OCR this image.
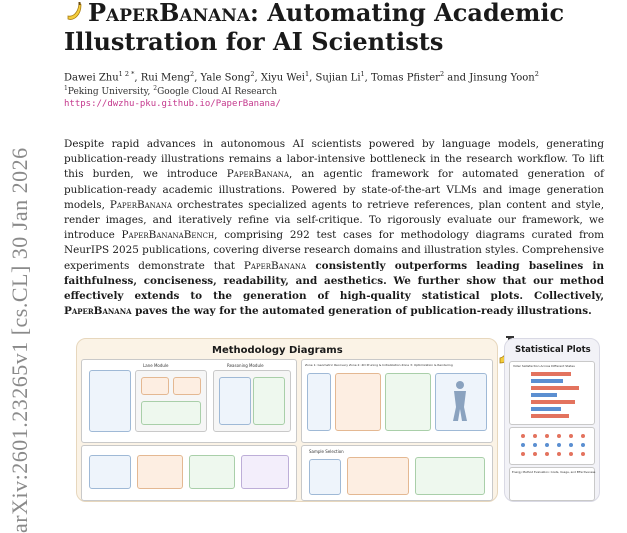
arXiv:2601.23265v1 [cs.CL] 30 Jan 2026
PaperBanana: Automating Academic Illustration for AI Scientists
Dawei Zhu$^{1 2 *}$, Rui Meng$^2$, Yale Song$^2$, Xiyu Wei$^1$, Sujian Li$^1$, Tomas Pfister$^2$ and Jinsung Yoon$^2$
$^1$Peking University, $^2$Google Cloud AI Research
https://dwzhu-pku.github.io/PaperBanana/
Despite rapid advances in autonomous AI scientists powered by language models, generating publication-ready illustrations remains a labor-intensive bottleneck in the research workflow. To lift this burden, we introduce PaperBanana, an agentic framework for automated generation of publication-ready academic illustrations. Powered by state-of-the-art VLMs and image generation models, PaperBanana orchestrates specialized agents to retrieve references, plan content and style, render images, and iteratively refine via self-critique. To rigorously evaluate our framework, we introduce PaperBananaBench, comprising 292 test cases for methodology diagrams curated from NeurIPS 2025 publications, covering diverse research domains and illustration styles. Comprehensive experiments demonstrate that PaperBanana consistently outperforms leading baselines in faithfulness, conciseness, readability, and aesthetics. We further show that our method effectively extends to the generation of high-quality statistical plots. Collectively, PaperBanana paves the way for the automated generation of publication-ready illustrations.
Methodology Diagrams
Lane Module	Reasoning Module	Zone 1: Geometric Recovery Zone 2: 4D Pruning & Initialization Zone 3: Optimization & Rendering
Sample Selection
Statistical Plots
Voter Satisfaction Across Different States
Energy Method Evaluation: Costs, Usage, and Effectiveness
